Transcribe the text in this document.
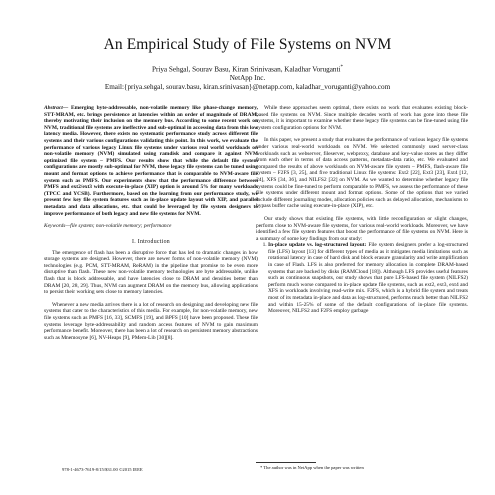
An Empirical Study of File Systems on NVM
Priya Sehgal, Sourav Basu, Kiran Srinivasan, Kaladhar Voruganti*
NetApp Inc.
Email:{priya.sehgal, sourav.basu, kiran.srinivasan}@netapp.com, kaladhar_voruganti@yahoo.com

Abstract— Emerging byte-addressable, non-volatile memory like phase-change memory, STT-MRAM, etc. brings persistence at latencies within an order of magnitude of DRAM, thereby motivating their inclusion on the memory bus. According to some recent work on NVM, traditional file systems are ineffective and sub-optimal in accessing data from this low latency media. However, there exists no systematic performance study across different file systems and their various configurations validating this point. In this work, we evaluate the performance of various legacy Linux file systems under various real world workloads on non-volatile memory (NVM) simulated using ramdisk and compare it against NVM optimized file system – PMFS. Our results show that while the default file system configurations are mostly sub-optimal for NVM, these legacy file systems can be tuned using mount and format options to achieve performance that is comparable to NVM-aware file system such as PMFS. Our experiments show that the performance difference between PMFS and ext2/ext3 with execute-in-place (XIP) option is around 5% for many workloads (TPCC and YCSB). Furthermore, based on the learning from our performance study, we present few key file system features such as in-place update layout with XIP, and parallel metadata and data allocations, etc. that could be leveraged by file system designers to improve performance of both legacy and new file systems for NVM.

Keywords—file system; non-volatile memory; performance

I. Introduction

The emergence of flash has been a disruptive force that has led to dramatic changes in how storage systems are designed. However, there are newer forms of non-volatile memory (NVM) technologies (e.g. PCM, STT-MRAM, ReRAM) in the pipeline that promise to be even more disruptive than flash. These new non-volatile memory technologies are byte addressable, unlike flash that is block addressable, and have latencies close to DRAM and densities better than DRAM [20, 28, 29]. Thus, NVM can augment DRAM on the memory bus, allowing applications to persist their working sets close to memory latencies.

Whenever a new media arrives there is a lot of research on designing and developing new file systems that cater to the characteristics of this media. For example, for non-volatile memory, new file systems such as PMFS [16, 33], SCMFS [19], and BPFS [10] have been proposed. These file systems leverage byte-addressability and random access features of NVM to gain maximum performance benefit. Moreover, there has been a lot of research on persistent memory abstractions such as Mnemosyne [6], NV-Heaps [9], PMem-Lib [30][8].

While these approaches seem optimal, there exists no work that evaluates existing block-based file systems on NVM. Since multiple decades worth of work has gone into these file systems, it is important to examine whether these legacy file systems can be fine-tuned using file system configuration options for NVM.

In this paper, we present a study that evaluates the performance of various legacy file systems under various real-world workloads on NVM. We selected commonly used server-class workloads such as webserver, fileserver, webproxy, database and key-value stores as they differ from each other in terms of data access patterns, metadata-data ratio, etc. We evaluated and compared the results of above workloads on NVM-aware file system – PMFS, flash-aware file system – F2FS [3, 25], and five traditional Linux file systems: Ext2 [22], Ext3 [23], Ext4 [12, 24], XFS [34, 36], and NILFS2 [32] on NVM. As we wanted to determine whether legacy file systems could be fine-tuned to perform comparable to PMFS, we assess the performance of these file systems under different mount and format options. Some of the options that we varied include different journaling modes, allocation policies such as delayed allocation, mechanisms to bypass buffer cache using execute-in-place (XIP), etc.

Our study shows that existing file systems, with little reconfiguration or slight changes, perform close to NVM-aware file systems, for various real-world workloads. Moreover, we have identified a few file system features that boost the performance of file systems on NVM. Here is a summary of some key findings from our study:

1. In-place update vs. log-structured layout: File system designers prefer a log-structured file (LFS) layout [13] for different types of media as it mitigates media limitations such as rotational latency in case of hard disk and block erasure granularity and write amplification in case of Flash. LFS is also preferred for memory allocation in complete DRAM-based systems that are backed by disks (RAMCloud [18]). Although LFS provides useful features such as continuous snapshots, our study shows that pure LFS-based file system (NILFS2) perform much worse compared to in-place update file systems, such as ext2, ext3, ext4 and XFS in workloads involving read-write mix. F2FS, which is a hybrid file system and treats most of its metadata in-place and data as log-structured, performs much better than NILFS2 and within 15-25% of some of the default configurations of in-place file systems. Moreover, NILFS2 and F2FS employ garbage
* The author was in NetApp when the paper was written
978-1-4673-7619-8/15/$31.00 ©2015 IEEE
